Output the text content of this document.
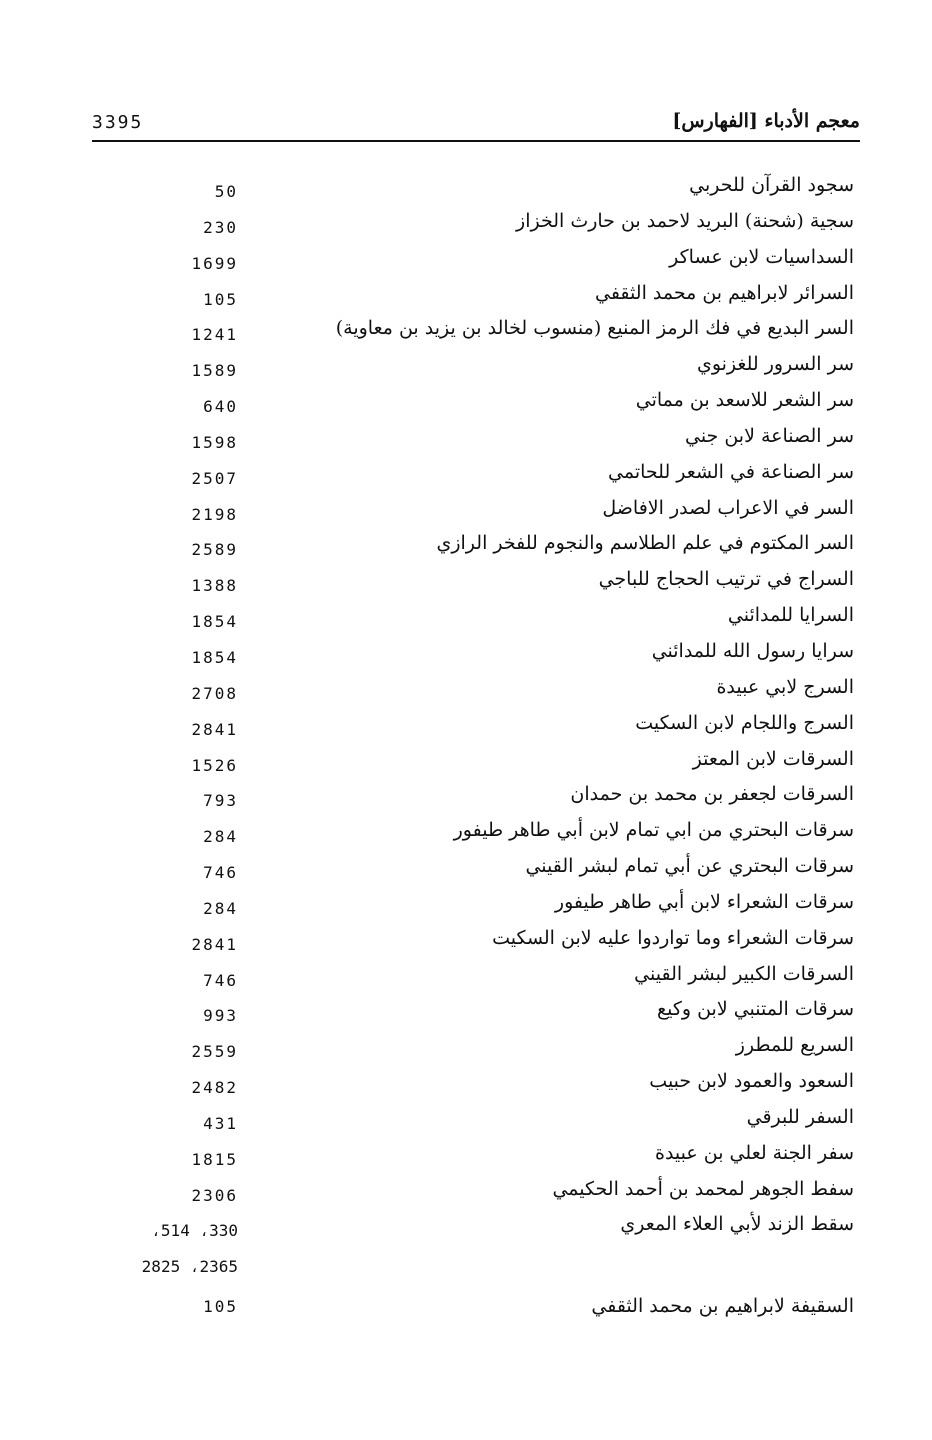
3395	معجم الأدباء [الفهارس]
سجود القرآن للحربي
50
سجية (شحنة) البريد لاحمد بن حارث الخزاز
230
السداسيات لابن عساكر
1699
السرائر لابراهيم بن محمد الثقفي
105
السر البديع في فك الرمز المنيع (منسوب لخالد بن يزيد بن معاوية)
1241
سر السرور للغزنوي
1589
سر الشعر للاسعد بن مماتي
640
سر الصناعة لابن جني
1598
سر الصناعة في الشعر للحاتمي
2507
السر في الاعراب لصدر الافاضل
2198
السر المكتوم في علم الطلاسم والنجوم للفخر الرازي
2589
السراج في ترتيب الحجاج للباجي
1388
السرايا للمدائني
1854
سرايا رسول الله للمدائني
1854
السرج لابي عبيدة
2708
السرج واللجام لابن السكيت
2841
السرقات لابن المعتز
1526
السرقات لجعفر بن محمد بن حمدان
793
سرقات البحتري من ابي تمام لابن أبي طاهر طيفور
284
سرقات البحتري عن أبي تمام لبشر القيني
746
سرقات الشعراء لابن أبي طاهر طيفور
284
سرقات الشعراء وما تواردوا عليه لابن السكيت
2841
السرقات الكبير لبشر القيني
746
سرقات المتنبي لابن وكيع
993
السريع للمطرز
2559
السعود والعمود لابن حبيب
2482
السفر للبرقي
431
سفر الجنة لعلي بن عبيدة
1815
سفط الجوهر لمحمد بن أحمد الحكيمي
2306
سقط الزند لأبي العلاء المعري
330، 514،
2365، 2825
السقيفة لابراهيم بن محمد الثقفي
105
